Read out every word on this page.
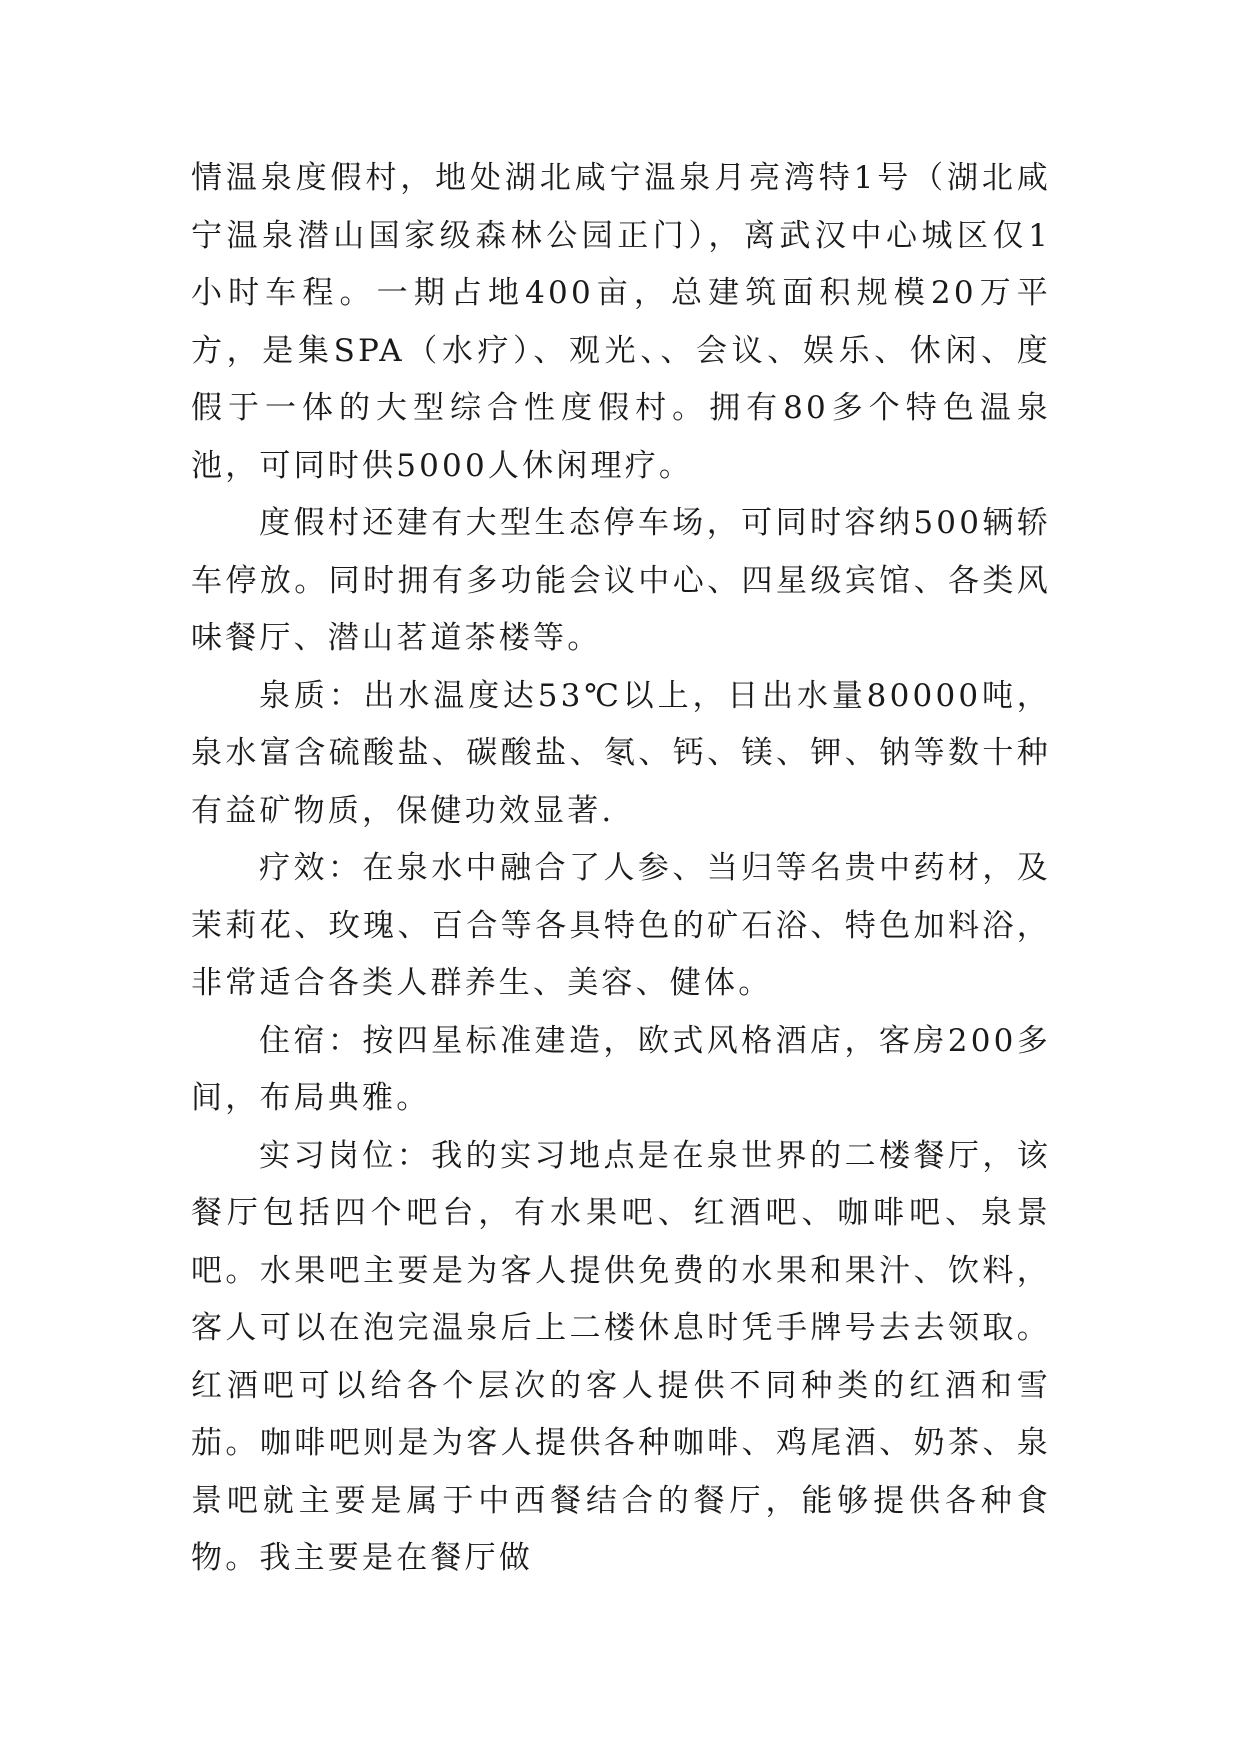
情温泉度假村，地处湖北咸宁温泉月亮湾特1号（湖北咸宁温泉潜山国家级森林公园正门），离武汉中心城区仅1小时车程。一期占地400亩，总建筑面积规模20万平方，是集SPA（水疗）、观光、、会议、娱乐、休闲、度假于一体的大型综合性度假村。拥有80多个特色温泉池，可同时供5000人休闲理疗。

度假村还建有大型生态停车场，可同时容纳500辆轿车停放。同时拥有多功能会议中心、四星级宾馆、各类风味餐厅、潜山茗道茶楼等。

泉质：出水温度达53℃以上，日出水量80000吨，泉水富含硫酸盐、碳酸盐、氡、钙、镁、钾、钠等数十种有益矿物质，保健功效显著.

疗效：在泉水中融合了人参、当归等名贵中药材，及茉莉花、玫瑰、百合等各具特色的矿石浴、特色加料浴，非常适合各类人群养生、美容、健体。

住宿：按四星标准建造，欧式风格酒店，客房200多间，布局典雅。

实习岗位：我的实习地点是在泉世界的二楼餐厅，该餐厅包括四个吧台，有水果吧、红酒吧、咖啡吧、泉景吧。水果吧主要是为客人提供免费的水果和果汁、饮料，客人可以在泡完温泉后上二楼休息时凭手牌号去去领取。红酒吧可以给各个层次的客人提供不同种类的红酒和雪茄。咖啡吧则是为客人提供各种咖啡、鸡尾酒、奶茶、泉景吧就主要是属于中西餐结合的餐厅，能够提供各种食物。我主要是在餐厅做
